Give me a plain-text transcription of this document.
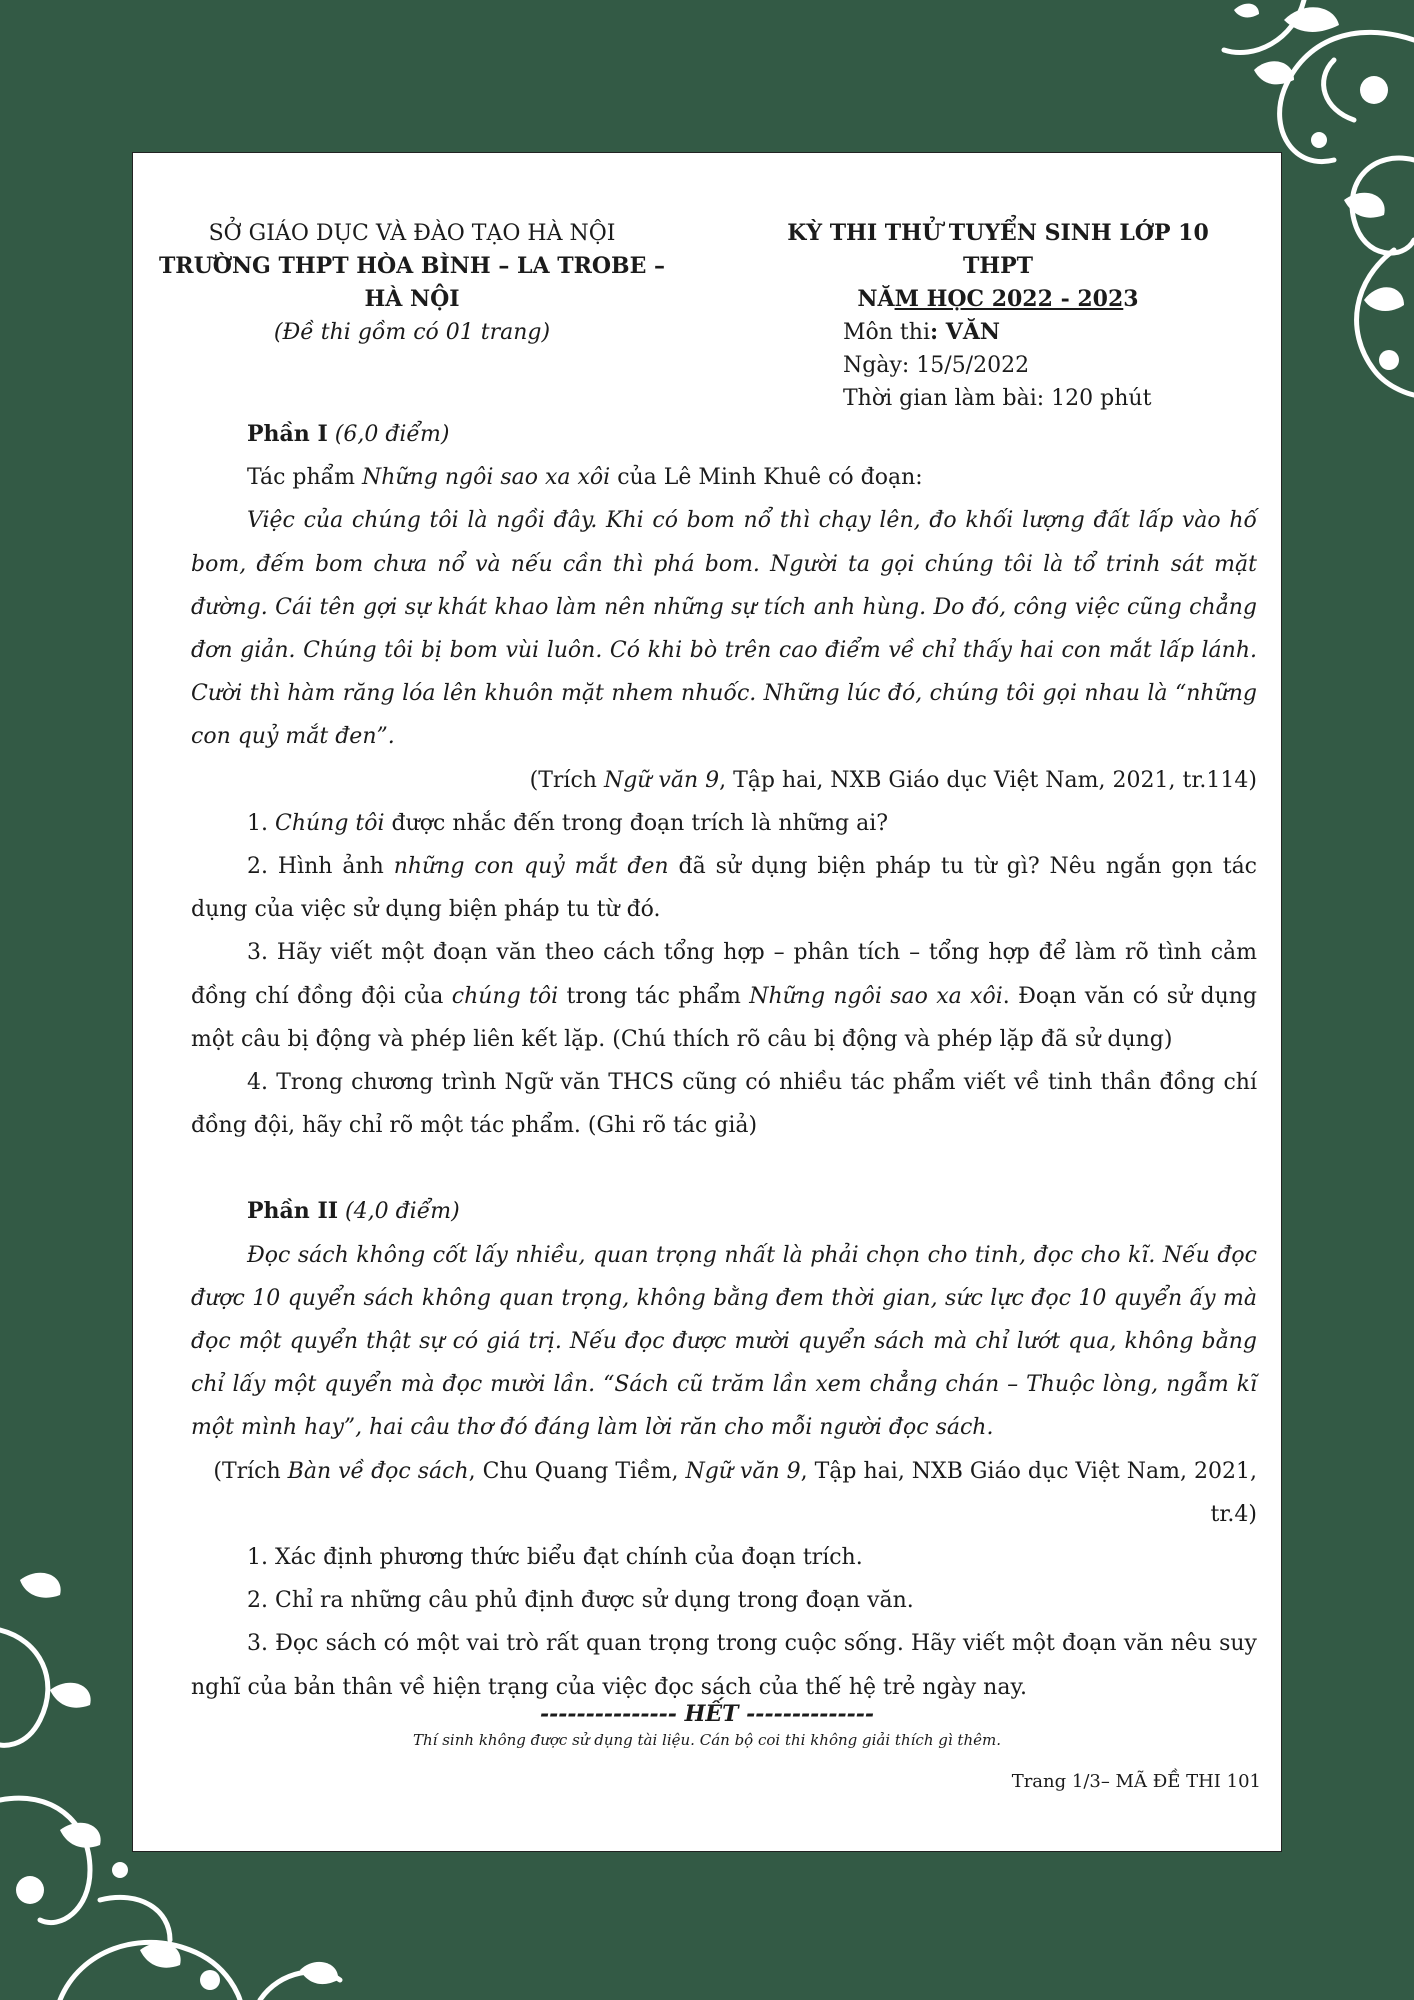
SỞ GIÁO DỤC VÀ ĐÀO TẠO HÀ NỘI
TRƯỜNG THPT HÒA BÌNH – LA TROBE – HÀ NỘI
(Đề thi gồm có 01 trang)
KỲ THI THỬ TUYỂN SINH LỚP 10 THPT
NĂM HỌC 2022 - 2023
Môn thi: VĂN
Ngày: 15/5/2022
Thời gian làm bài: 120 phút

Phần I (6,0 điểm)

Tác phẩm Những ngôi sao xa xôi của Lê Minh Khuê có đoạn:

Việc của chúng tôi là ngồi đây. Khi có bom nổ thì chạy lên, đo khối lượng đất lấp vào hố bom, đếm bom chưa nổ và nếu cần thì phá bom. Người ta gọi chúng tôi là tổ trinh sát mặt đường. Cái tên gợi sự khát khao làm nên những sự tích anh hùng. Do đó, công việc cũng chẳng đơn giản. Chúng tôi bị bom vùi luôn. Có khi bò trên cao điểm về chỉ thấy hai con mắt lấp lánh. Cười thì hàm răng lóa lên khuôn mặt nhem nhuốc. Những lúc đó, chúng tôi gọi nhau là “những con quỷ mắt đen”.

(Trích Ngữ văn 9, Tập hai, NXB Giáo dục Việt Nam, 2021, tr.114)

1. Chúng tôi được nhắc đến trong đoạn trích là những ai?

2. Hình ảnh những con quỷ mắt đen đã sử dụng biện pháp tu từ gì? Nêu ngắn gọn tác dụng của việc sử dụng biện pháp tu từ đó.

3. Hãy viết một đoạn văn theo cách tổng hợp – phân tích – tổng hợp để làm rõ tình cảm đồng chí đồng đội của chúng tôi trong tác phẩm Những ngôi sao xa xôi. Đoạn văn có sử dụng một câu bị động và phép liên kết lặp. (Chú thích rõ câu bị động và phép lặp đã sử dụng)

4. Trong chương trình Ngữ văn THCS cũng có nhiều tác phẩm viết về tinh thần đồng chí đồng đội, hãy chỉ rõ một tác phẩm. (Ghi rõ tác giả)

Phần II (4,0 điểm)

Đọc sách không cốt lấy nhiều, quan trọng nhất là phải chọn cho tinh, đọc cho kĩ. Nếu đọc được 10 quyển sách không quan trọng, không bằng đem thời gian, sức lực đọc 10 quyển ấy mà đọc một quyển thật sự có giá trị. Nếu đọc được mười quyển sách mà chỉ lướt qua, không bằng chỉ lấy một quyển mà đọc mười lần. “Sách cũ trăm lần xem chẳng chán – Thuộc lòng, ngẫm kĩ một mình hay”, hai câu thơ đó đáng làm lời răn cho mỗi người đọc sách.

(Trích Bàn về đọc sách, Chu Quang Tiềm, Ngữ văn 9, Tập hai, NXB Giáo dục Việt Nam, 2021, tr.4)

1. Xác định phương thức biểu đạt chính của đoạn trích.

2. Chỉ ra những câu phủ định được sử dụng trong đoạn văn.

3. Đọc sách có một vai trò rất quan trọng trong cuộc sống. Hãy viết một đoạn văn nêu suy nghĩ của bản thân về hiện trạng của việc đọc sách của thế hệ trẻ ngày nay.

--------------- HẾT --------------
Thí sinh không được sử dụng tài liệu. Cán bộ coi thi không giải thích gì thêm.
Trang 1/3– MÃ ĐỀ THI 101
